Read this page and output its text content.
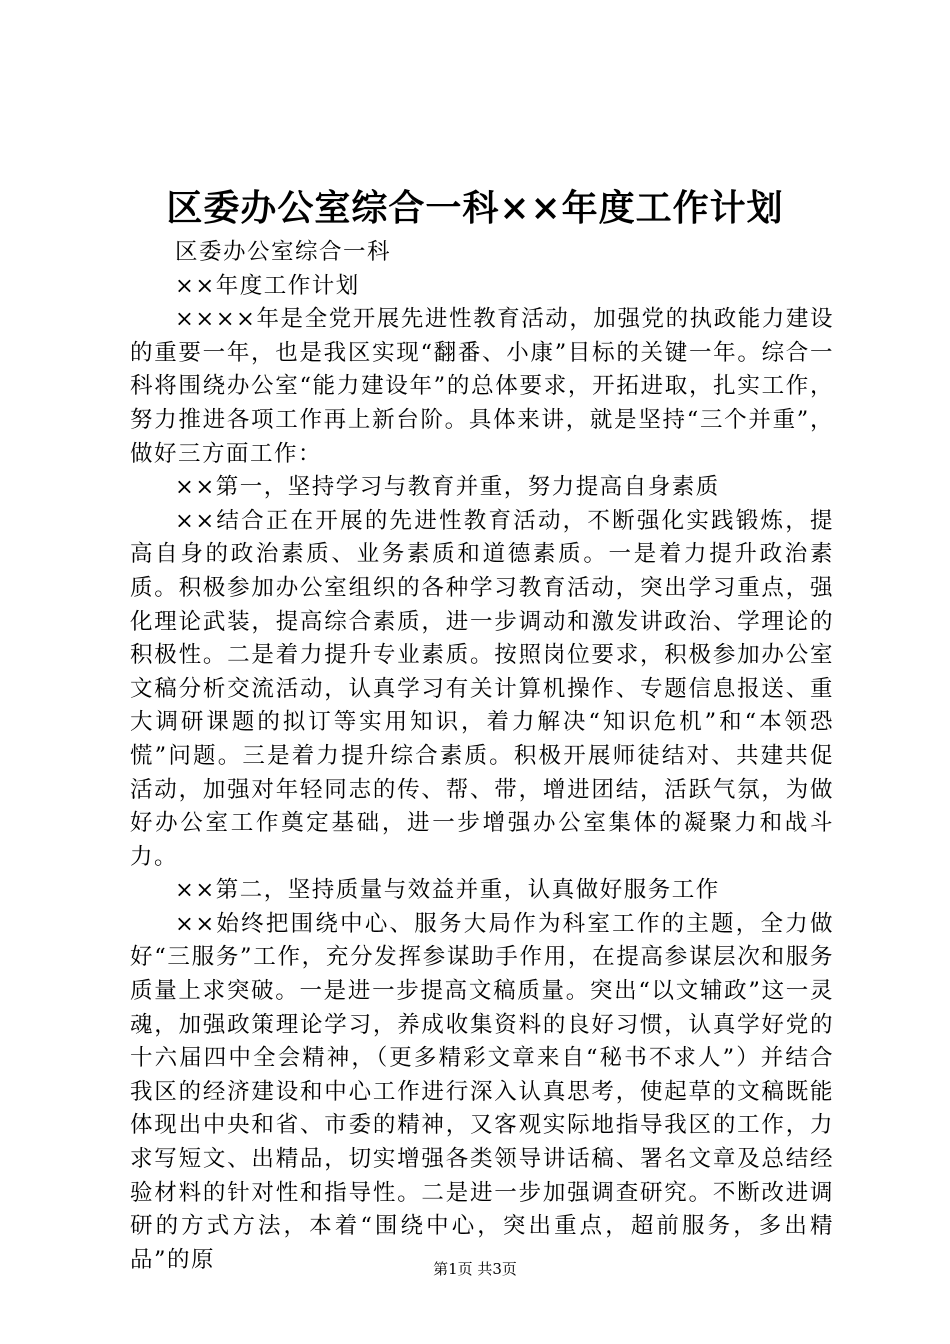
区委办公室综合一科××年度工作计划

区委办公室综合一科

××年度工作计划

××××年是全党开展先进性教育活动，加强党的执政能力建设的重要一年，也是我区实现“翻番、小康”目标的关键一年。综合一科将围绕办公室“能力建设年”的总体要求，开拓进取，扎实工作，努力推进各项工作再上新台阶。具体来讲，就是坚持“三个并重”，做好三方面工作：

××第一，坚持学习与教育并重，努力提高自身素质

××结合正在开展的先进性教育活动，不断强化实践锻炼，提高自身的政治素质、业务素质和道德素质。一是着力提升政治素质。积极参加办公室组织的各种学习教育活动，突出学习重点，强化理论武装，提高综合素质，进一步调动和激发讲政治、学理论的积极性。二是着力提升专业素质。按照岗位要求，积极参加办公室文稿分析交流活动，认真学习有关计算机操作、专题信息报送、重大调研课题的拟订等实用知识，着力解决“知识危机”和“本领恐慌”问题。三是着力提升综合素质。积极开展师徒结对、共建共促活动，加强对年轻同志的传、帮、带，增进团结，活跃气氛，为做好办公室工作奠定基础，进一步增强办公室集体的凝聚力和战斗力。

××第二，坚持质量与效益并重，认真做好服务工作

××始终把围绕中心、服务大局作为科室工作的主题，全力做好“三服务”工作，充分发挥参谋助手作用，在提高参谋层次和服务质量上求突破。一是进一步提高文稿质量。突出“以文辅政”这一灵魂，加强政策理论学习，养成收集资料的良好习惯，认真学好党的十六届四中全会精神，（更多精彩文章来自“秘书不求人”）并结合我区的经济建设和中心工作进行深入认真思考，使起草的文稿既能体现出中央和省、市委的精神，又客观实际地指导我区的工作，力求写短文、出精品，切实增强各类领导讲话稿、署名文章及总结经验材料的针对性和指导性。二是进一步加强调查研究。不断改进调研的方式方法，本着“围绕中心，突出重点，超前服务，多出精品”的原	第1页 共3页
